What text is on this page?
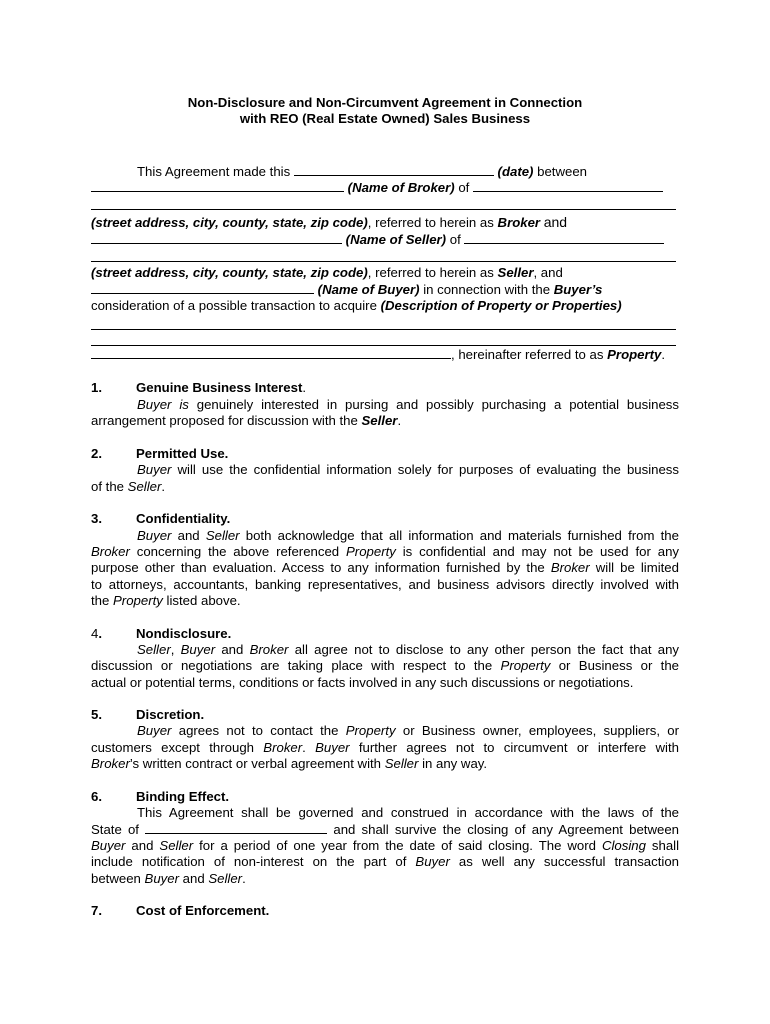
Non-Disclosure and Non-Circumvent Agreement in Connection
with REO (Real Estate Owned) Sales Business
This Agreement made this	(date) between
(Name of Broker) of
(street address, city, county, state, zip code), referred to herein as Broker and
(Name of Seller) of
(street address, city, county, state, zip code), referred to herein as Seller, and
(Name of Buyer) in connection with the Buyer’s
consideration of a possible transaction to acquire (Description of Property or Properties)
, hereinafter referred to as Property.
1.	Genuine Business Interest.
Buyer is genuinely interested in pursing and possibly purchasing a potential business
arrangement proposed for discussion with the Seller.
2.	Permitted Use.
Buyer will use the confidential information solely for purposes of evaluating the business
of the Seller.
3.	Confidentiality.
Buyer and Seller both acknowledge that all information and materials furnished from the
Broker concerning the above referenced Property is confidential and may not be used for any
purpose other than evaluation. Access to any information furnished by the Broker will be limited
to attorneys, accountants, banking representatives, and business advisors directly involved with
the Property listed above.
4.	Nondisclosure.
Seller, Buyer and Broker all agree not to disclose to any other person the fact that any
discussion or negotiations are taking place with respect to the Property or Business or the
actual or potential terms, conditions or facts involved in any such discussions or negotiations.
5.	Discretion.
Buyer agrees not to contact the Property or Business owner, employees, suppliers, or
customers except through Broker. Buyer further agrees not to circumvent or interfere with
Broker’s written contract or verbal agreement with Seller in any way.
6.	Binding Effect.
This Agreement shall be governed and construed in accordance with the laws of the
State of	and shall survive the closing of any Agreement between
Buyer and Seller for a period of one year from the date of said closing. The word Closing shall
include notification of non-interest on the part of Buyer as well any successful transaction
between Buyer and Seller.
7.	Cost of Enforcement.
